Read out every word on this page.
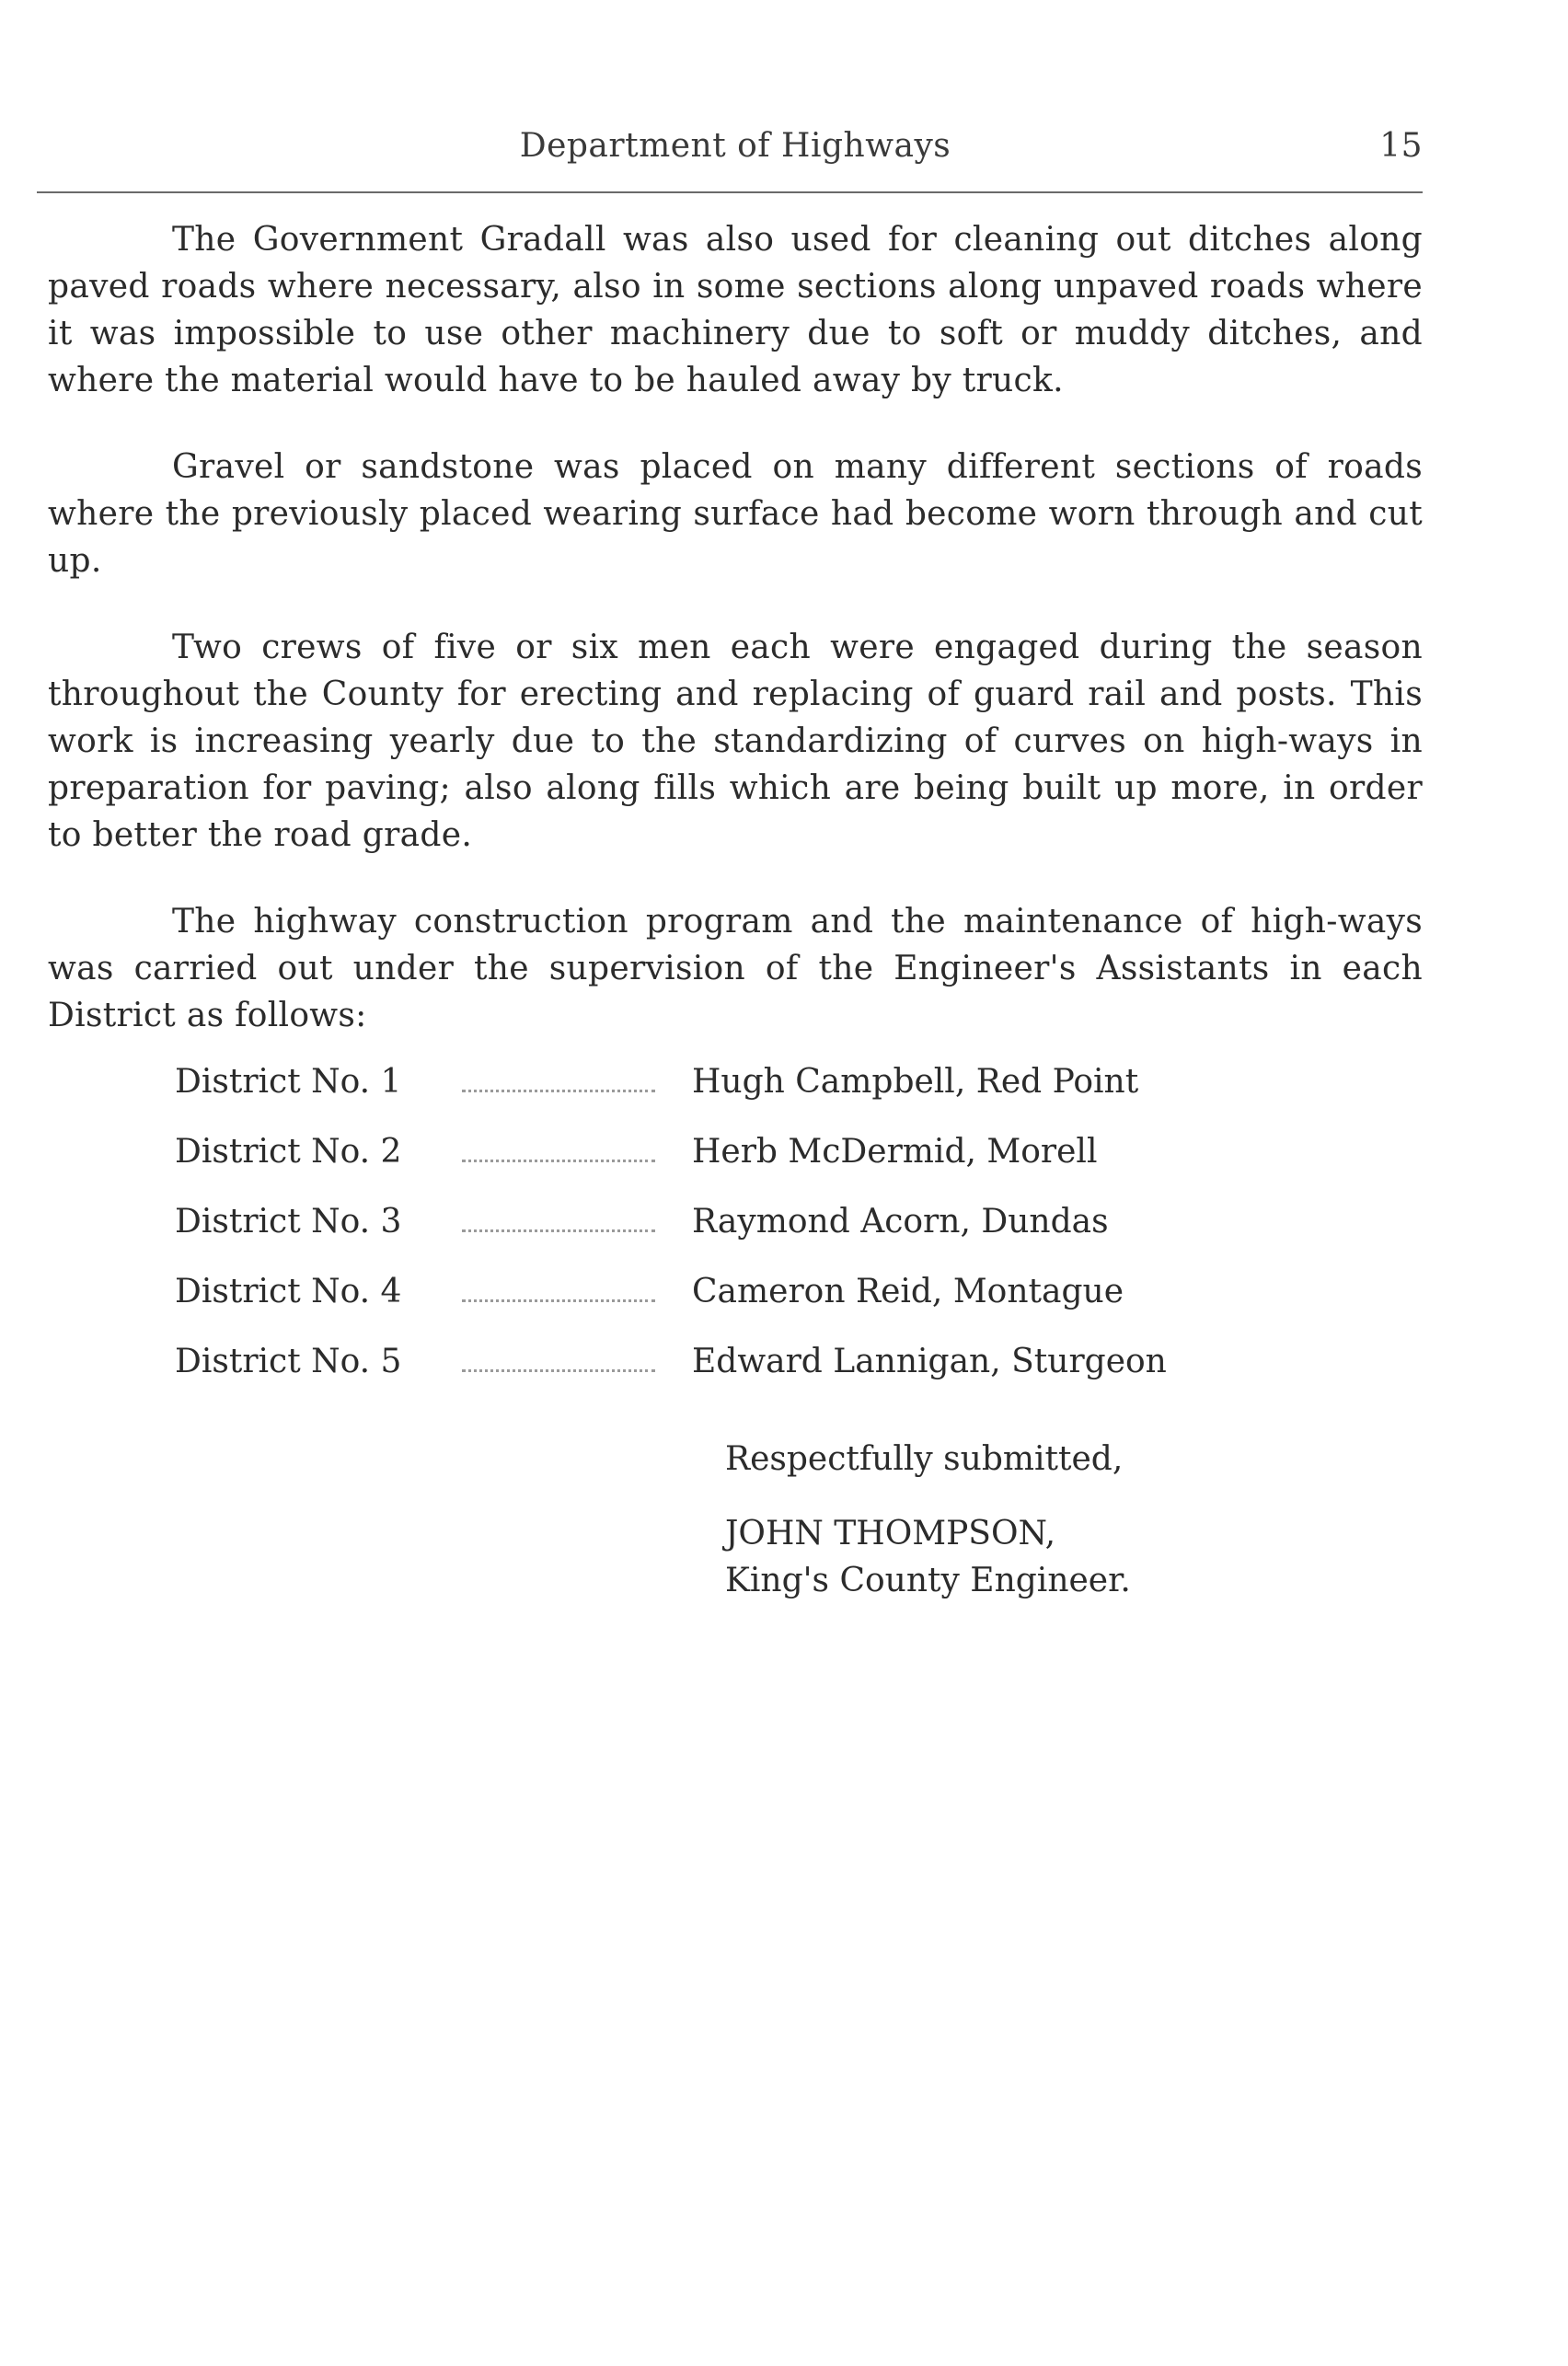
Department of Highways	15

The Government Gradall was also used for cleaning out ditches along paved roads where necessary, also in some sections along unpaved roads where it was impossible to use other machinery due to soft or muddy ditches, and where the material would have to be hauled away by truck.

Gravel or sandstone was placed on many different sections of roads where the previously placed wearing surface had become worn through and cut up.

Two crews of five or six men each were engaged during the season throughout the County for erecting and replacing of guard rail and posts. This work is increasing yearly due to the standardizing of curves on high-ways in preparation for paving; also along fills which are being built up more, in order to better the road grade.

The highway construction program and the maintenance of high-ways was carried out under the supervision of the Engineer's Assistants in each District as follows:

District No. 1	Hugh Campbell, Red Point
District No. 2	Herb McDermid, Morell
District No. 3	Raymond Acorn, Dundas
District No. 4	Cameron Reid, Montague
District No. 5	Edward Lannigan, Sturgeon

Respectfully submitted,

JOHN THOMPSON,

King's County Engineer.
